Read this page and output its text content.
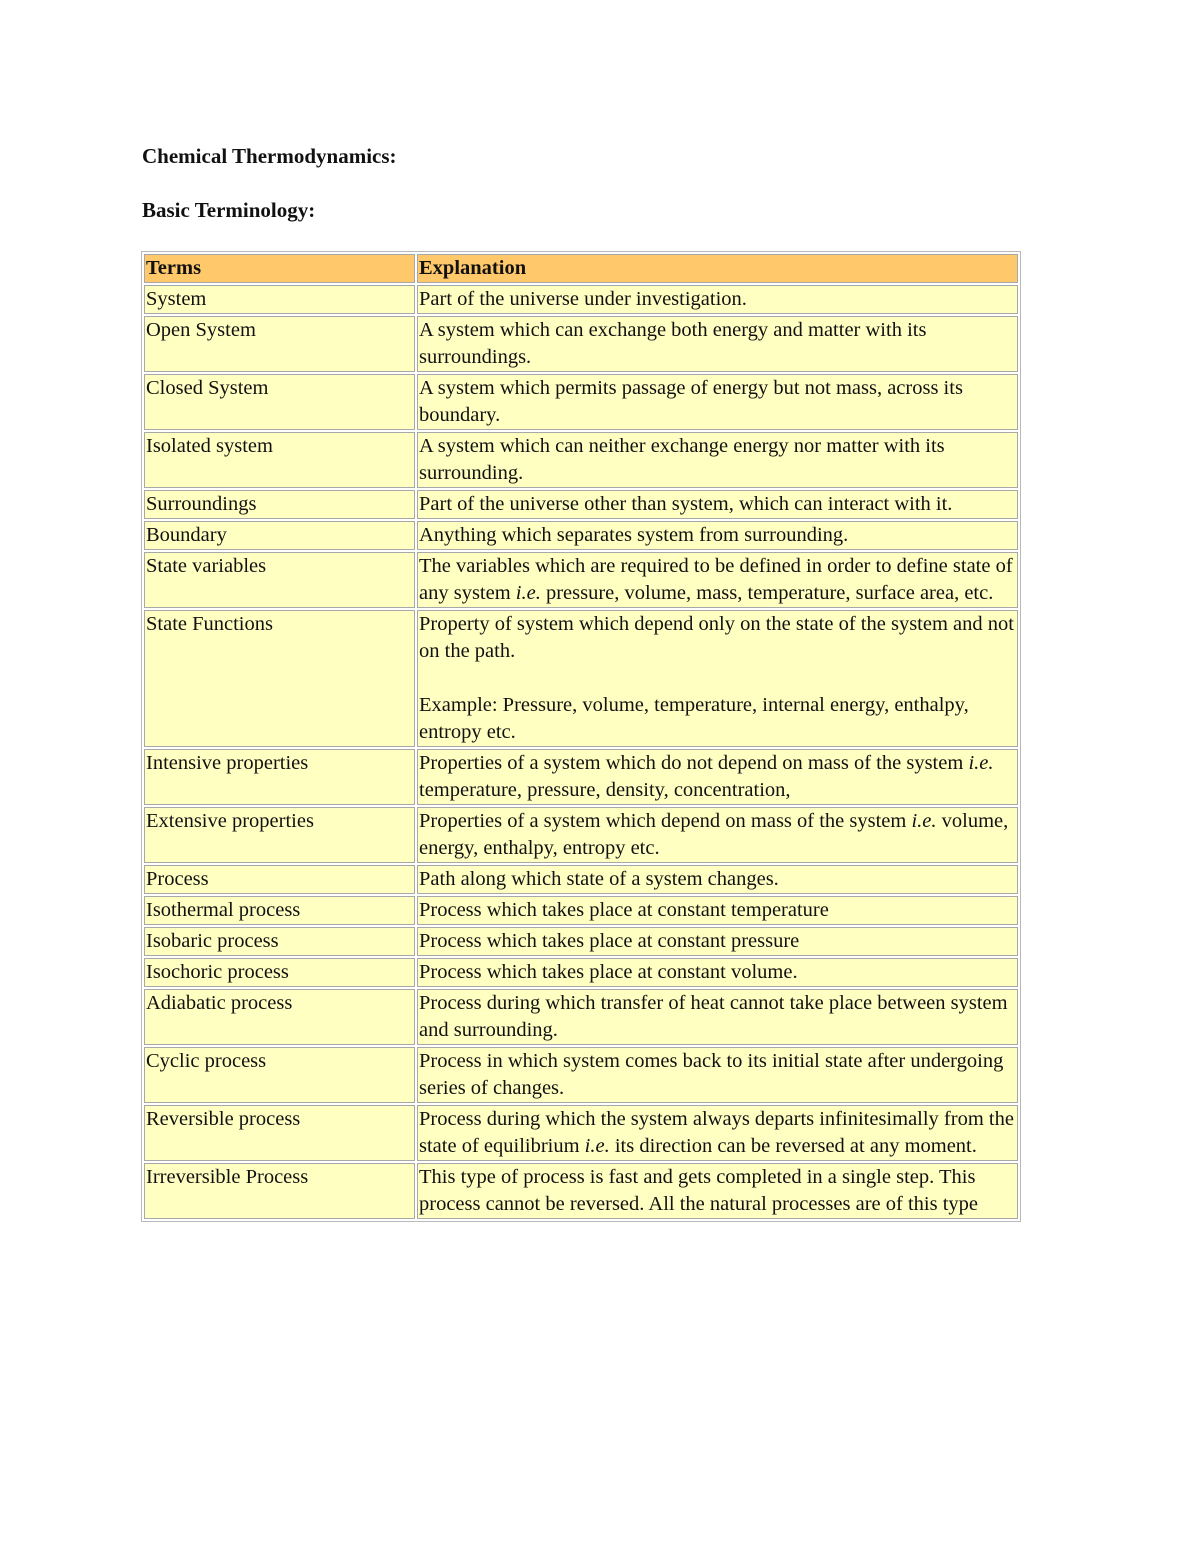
Chemical Thermodynamics:
Basic Terminology:
Terms	Explanation
System	Part of the universe under investigation.
Open System	A system which can exchange both energy and matter with its surroundings.
Closed System	A system which permits passage of energy but not mass, across its boundary.
Isolated system	A system which can neither exchange energy nor matter with its surrounding.
Surroundings	Part of the universe other than system, which can interact with it.
Boundary	Anything which separates system from surrounding.
State variables	The variables which are required to be defined in order to define state of any system i.e. pressure, volume, mass, temperature, surface area, etc.
State Functions	Property of system which depend only on the state of the system and not on the path.
Example: Pressure, volume, temperature, internal energy, enthalpy, entropy etc.
Intensive properties	Properties of a system which do not depend on mass of the system i.e. temperature, pressure, density, concentration,
Extensive properties	Properties of a system which depend on mass of the system i.e. volume, energy, enthalpy, entropy etc.
Process	Path along which state of a system changes.
Isothermal process	Process which takes place at constant temperature
Isobaric process	Process which takes place at constant pressure
Isochoric process	Process which takes place at constant volume.
Adiabatic process	Process during which transfer of heat cannot take place between system and surrounding.
Cyclic process	Process in which system comes back to its initial state after undergoing series of changes.
Reversible process	Process during which the system always departs infinitesimally from the state of equilibrium i.e. its direction can be reversed at any moment.
Irreversible Process	This type of process is fast and gets completed in a single step. This process cannot be reversed. All the natural processes are of this type
